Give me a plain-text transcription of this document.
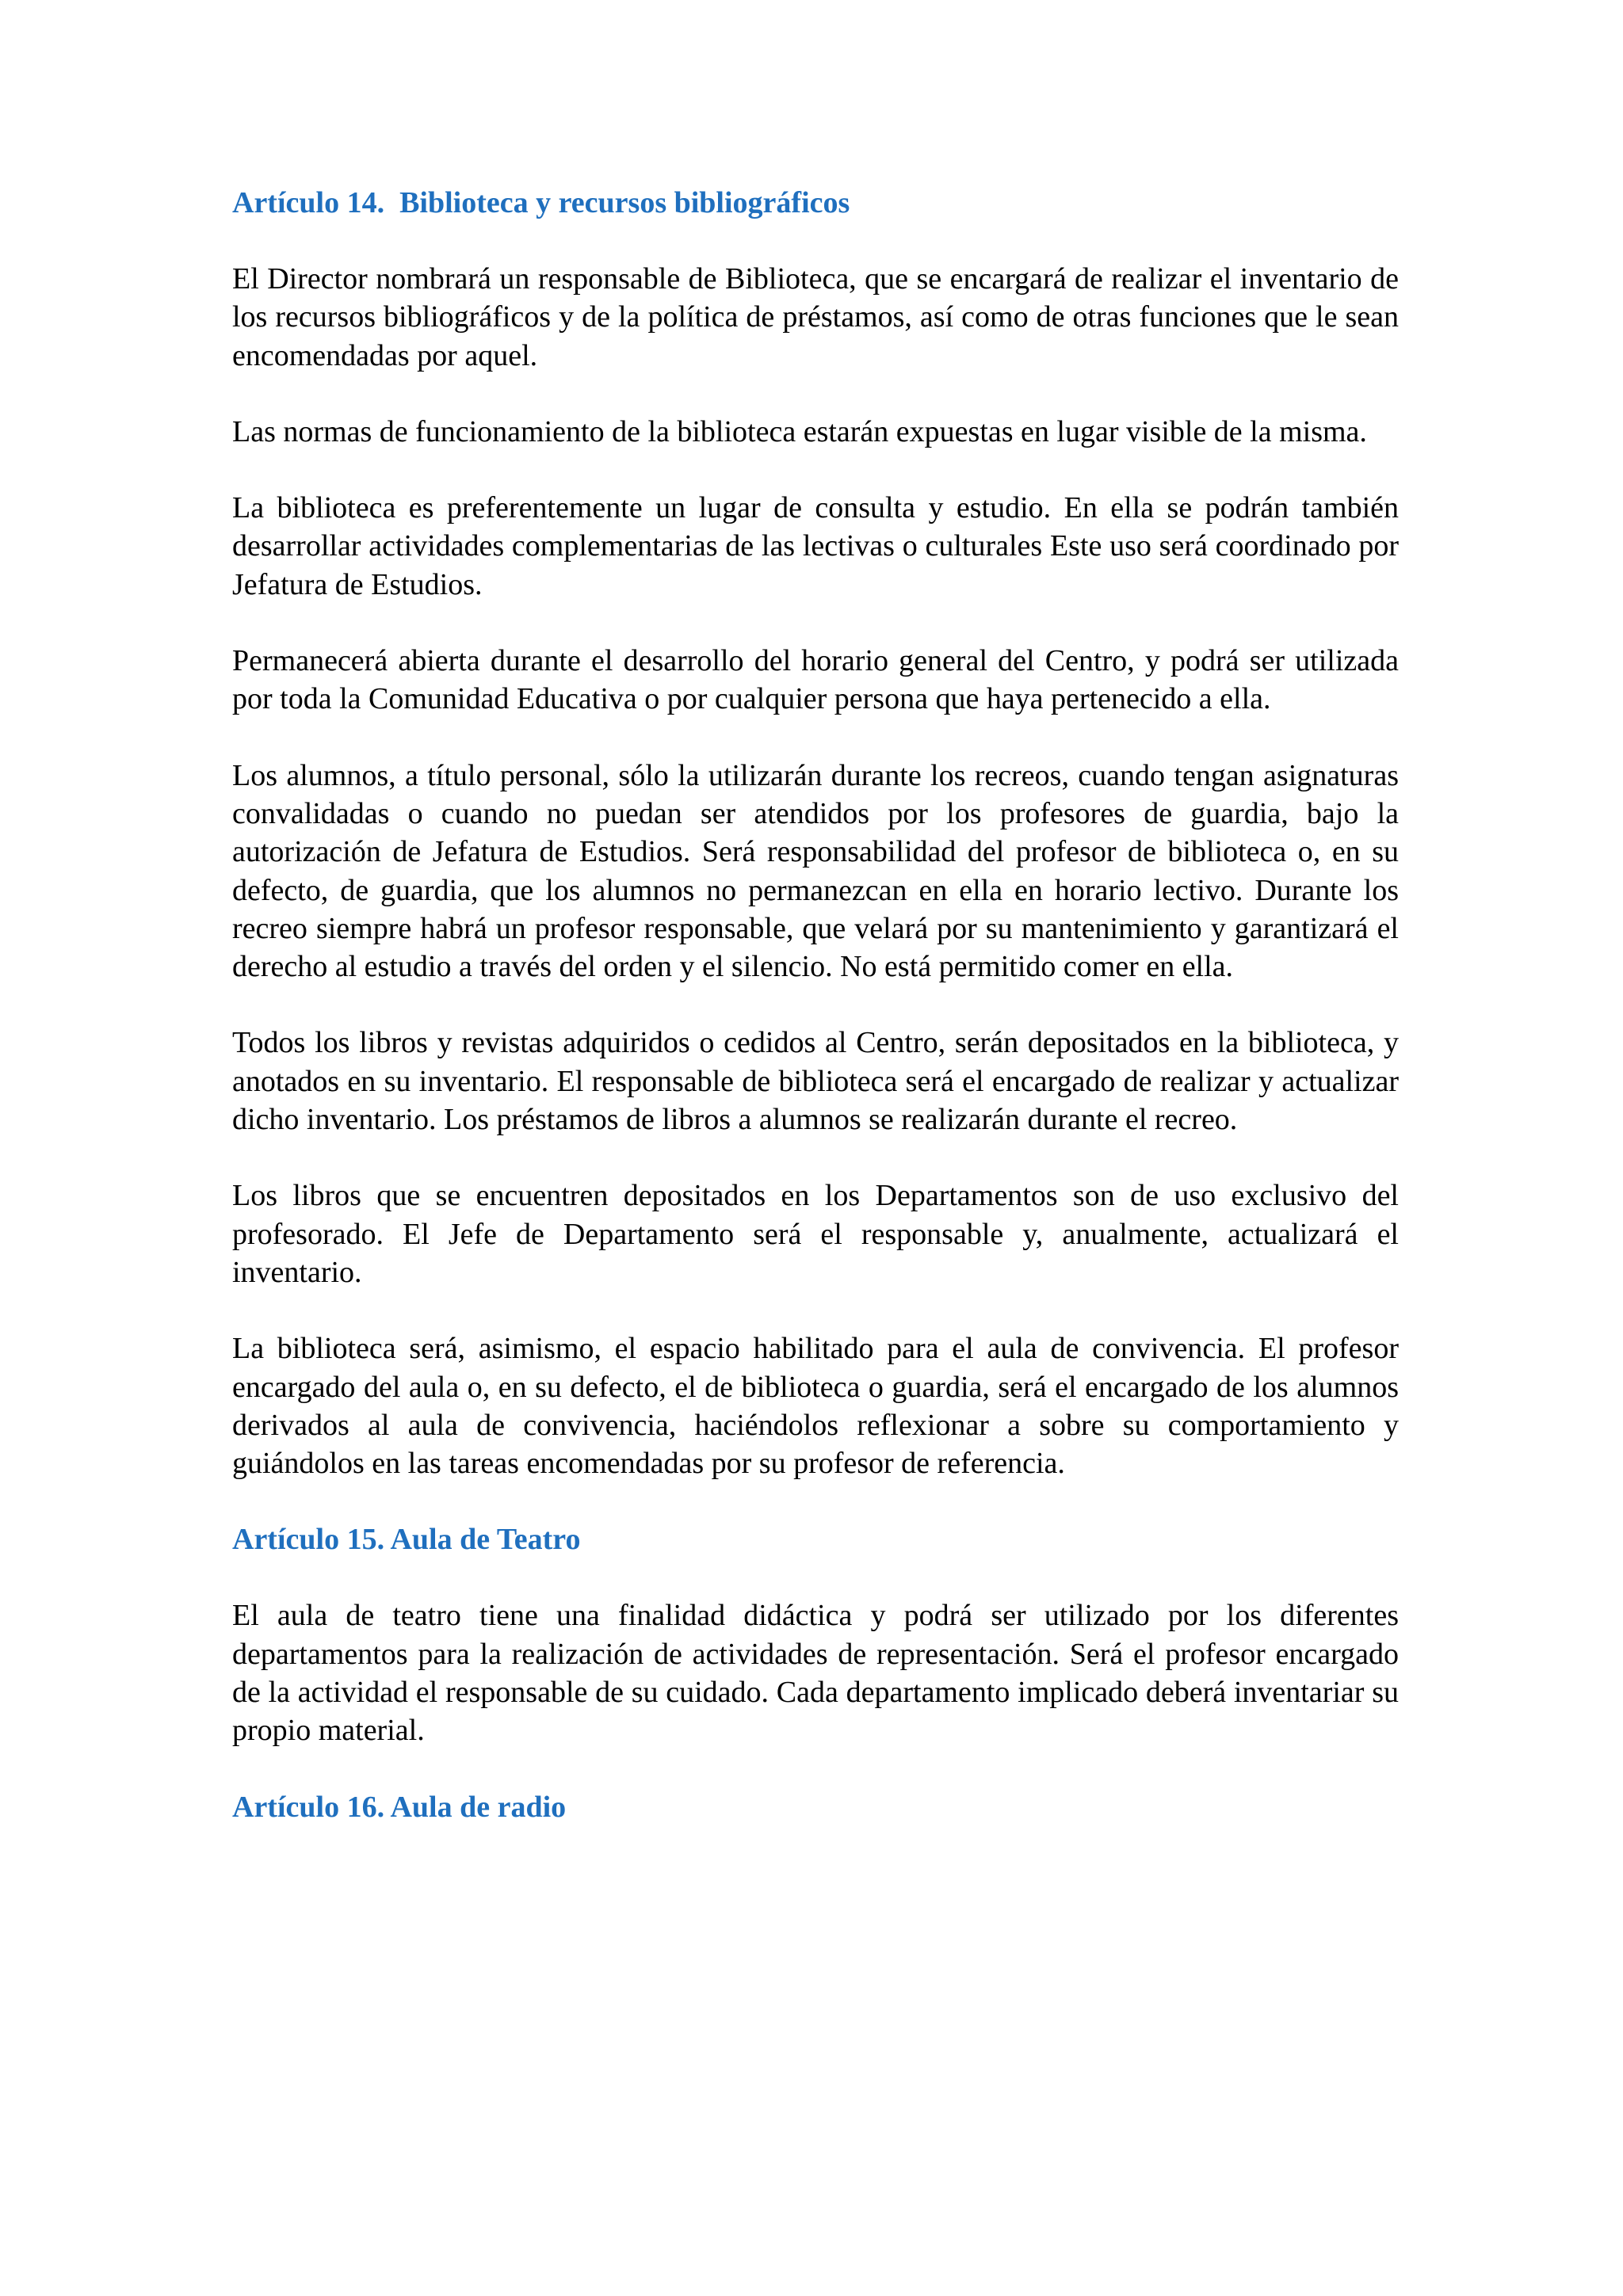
Artículo 14.  Biblioteca y recursos bibliográficos

El Director nombrará un responsable de Biblioteca, que se encargará de realizar el inventario de los recursos bibliográficos y de la política de préstamos, así como de otras funciones que le sean encomendadas por aquel.

Las normas de funcionamiento de la biblioteca estarán expuestas en lugar visible de la misma.

La biblioteca es preferentemente un lugar de consulta y estudio. En ella se podrán también desarrollar actividades complementarias de las lectivas o culturales Este uso será coordinado por Jefatura de Estudios.

Permanecerá abierta durante el desarrollo del horario general del Centro, y podrá ser utilizada por toda la Comunidad Educativa o por cualquier persona que haya pertenecido a ella.

Los alumnos, a título personal, sólo la utilizarán durante los recreos, cuando tengan asignaturas convalidadas o cuando no puedan ser atendidos por los profesores de guardia, bajo la autorización de Jefatura de Estudios. Será responsabilidad del profesor de biblioteca o, en su defecto, de guardia, que los alumnos no permanezcan en ella en horario lectivo. Durante los recreo siempre habrá un profesor responsable, que velará por su mantenimiento y garantizará el derecho al estudio a través del orden y el silencio. No está permitido comer en ella.

Todos los libros y revistas adquiridos o cedidos al Centro, serán depositados en la biblioteca, y anotados en su inventario. El responsable de biblioteca será el encargado de realizar y actualizar dicho inventario. Los préstamos de libros a alumnos se realizarán durante el recreo.

Los libros que se encuentren depositados en los Departamentos son de uso exclusivo del profesorado. El Jefe de Departamento será el responsable y, anualmente, actualizará el inventario.

La biblioteca será, asimismo, el espacio habilitado para el aula de convivencia. El profesor encargado del aula o, en su defecto, el de biblioteca o guardia, será el encargado de los alumnos derivados al aula de convivencia, haciéndolos reflexionar a sobre su comportamiento y guiándolos en las tareas encomendadas por su profesor de referencia.

Artículo 15. Aula de Teatro

El aula de teatro tiene una finalidad didáctica y podrá ser utilizado por los diferentes departamentos para la realización de actividades de representación. Será el profesor encargado de la actividad el responsable de su cuidado. Cada departamento implicado deberá inventariar su propio material.

Artículo 16. Aula de radio
